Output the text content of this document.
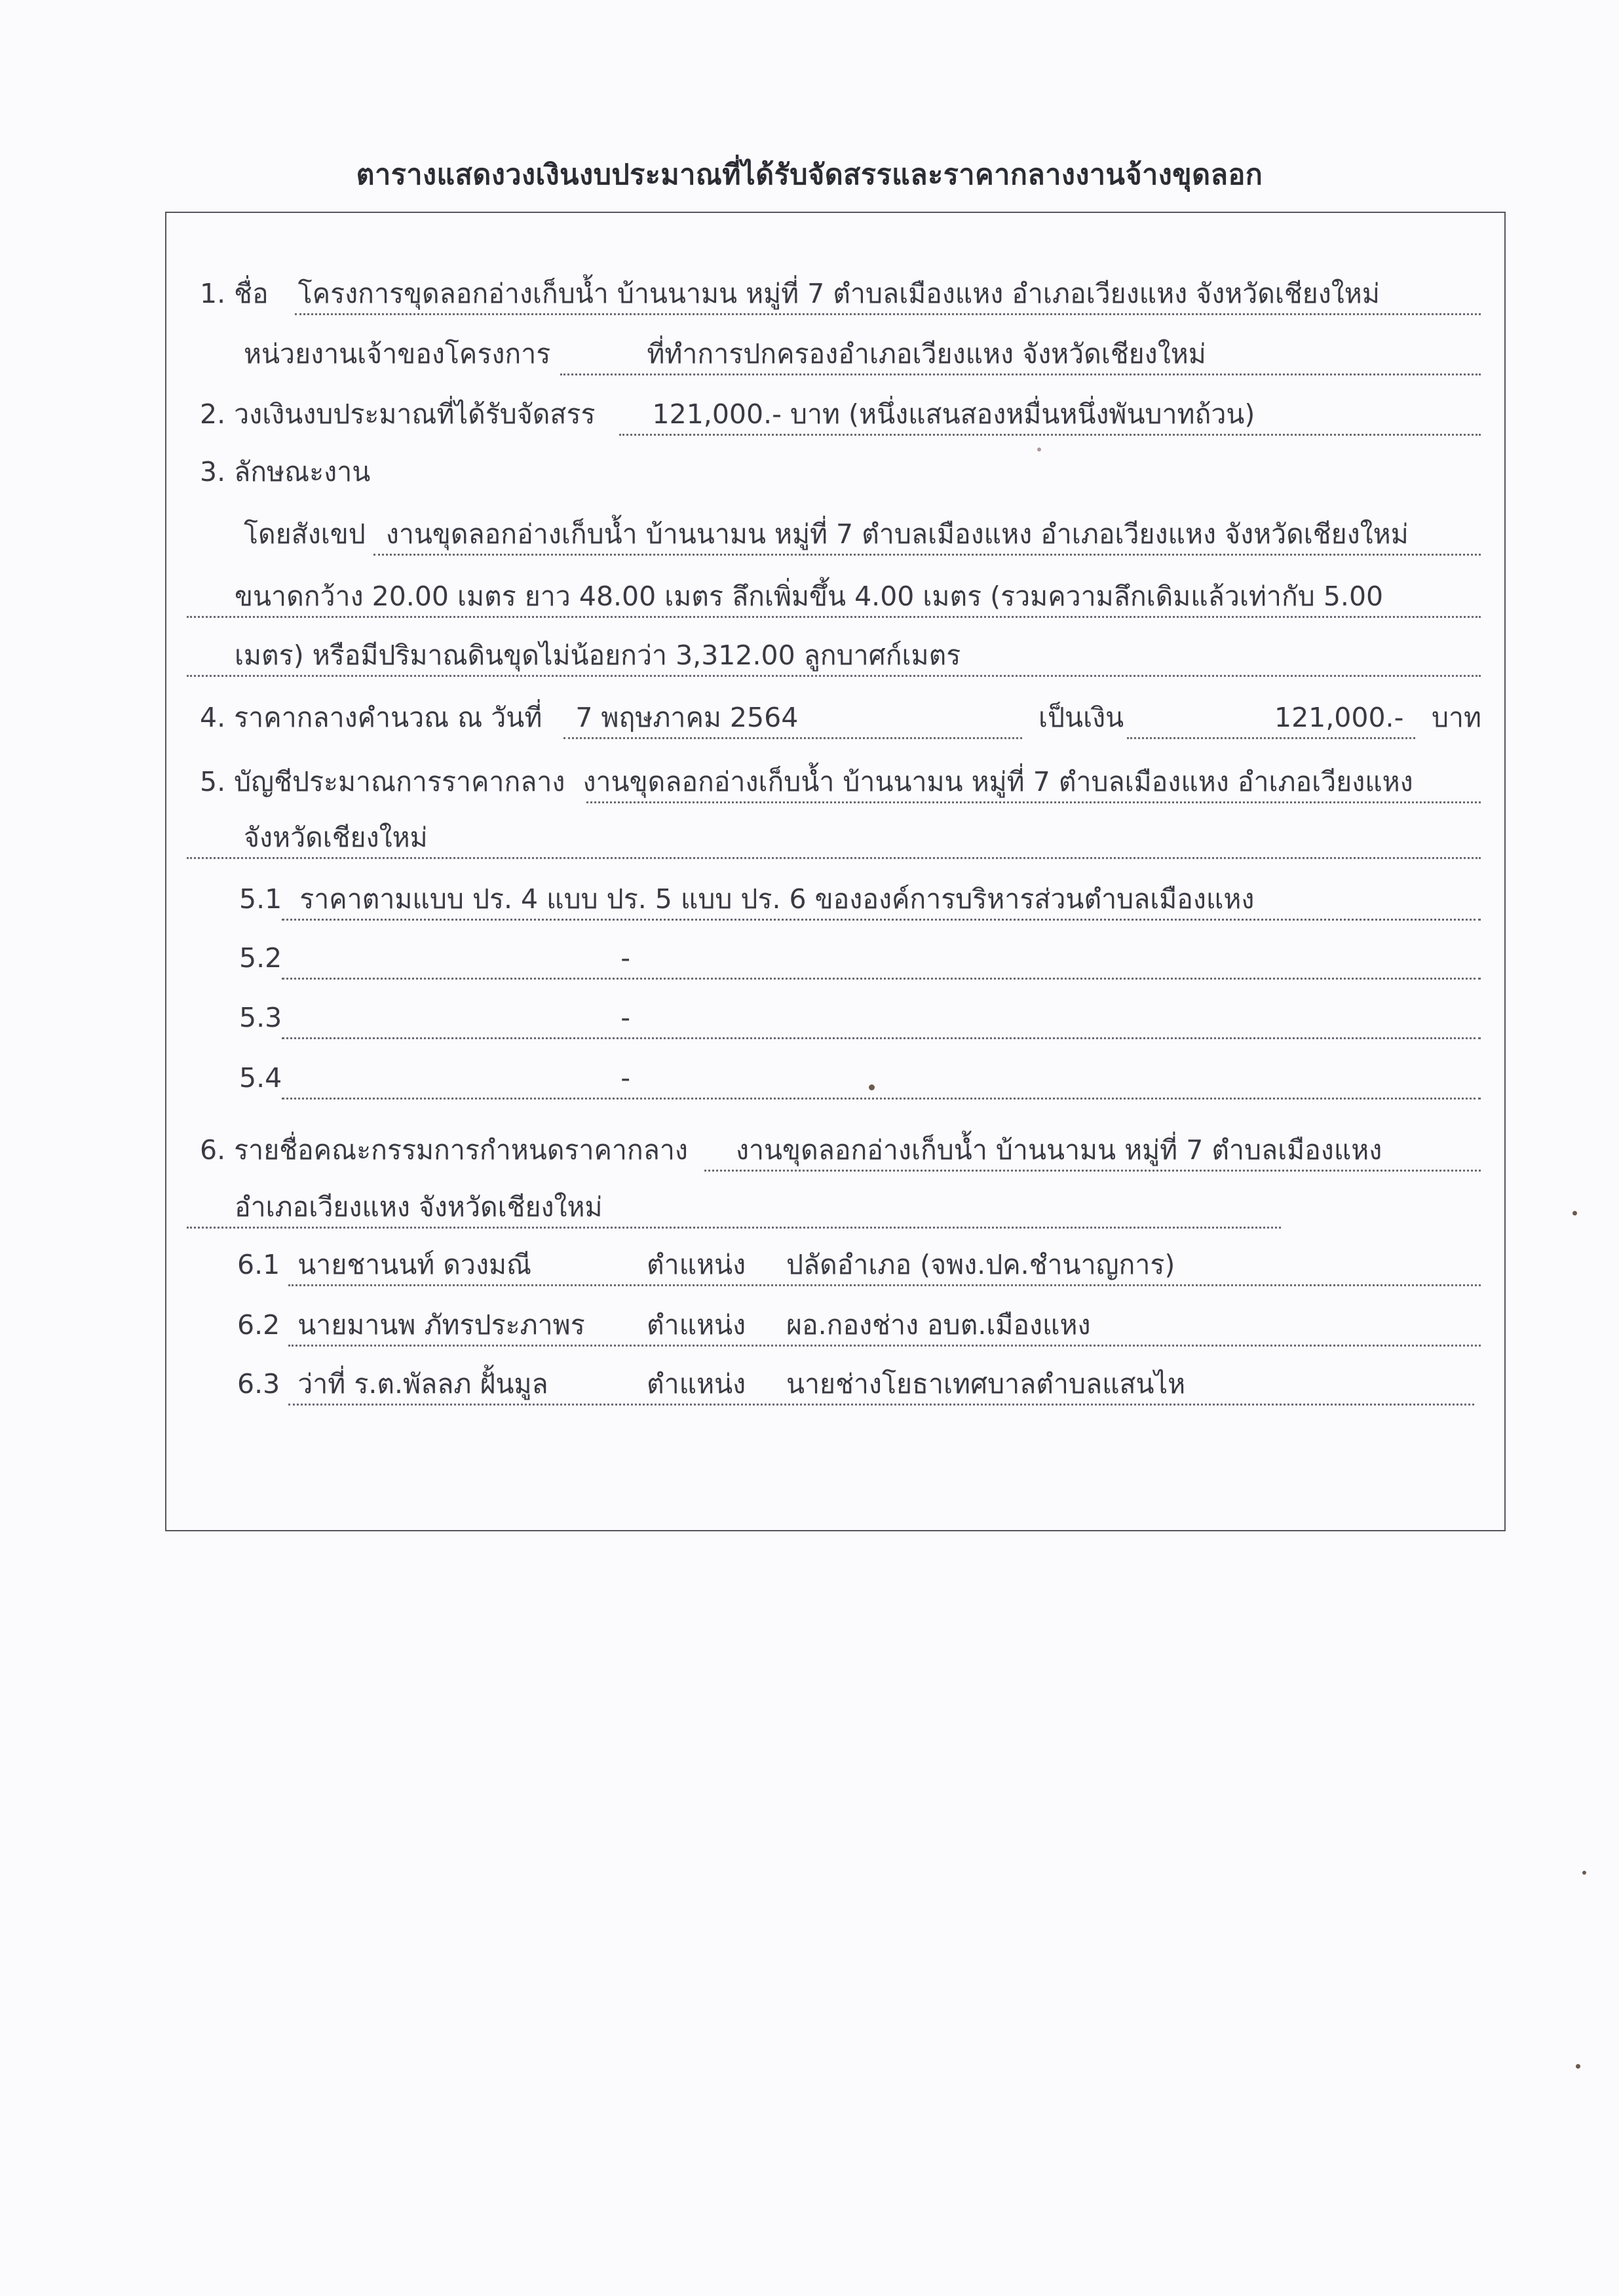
ตารางแสดงวงเงินงบประมาณที่ได้รับจัดสรรและราคากลางงานจ้างขุดลอก
1. ชื่อ โครงการขุดลอกอ่างเก็บน้ำ บ้านนามน หมู่ที่ 7 ตำบลเมืองแหง อำเภอเวียงแหง จังหวัดเชียงใหม่
หน่วยงานเจ้าของโครงการ	ที่ทำการปกครองอำเภอเวียงแหง จังหวัดเชียงใหม่
2. วงเงินงบประมาณที่ได้รับจัดสรร 121,000.- บาท (หนึ่งแสนสองหมื่นหนึ่งพันบาทถ้วน)
3. ลักษณะงาน
โดยสังเขป งานขุดลอกอ่างเก็บน้ำ บ้านนามน หมู่ที่ 7 ตำบลเมืองแหง อำเภอเวียงแหง จังหวัดเชียงใหม่
ขนาดกว้าง 20.00 เมตร ยาว 48.00 เมตร ลึกเพิ่มขึ้น 4.00 เมตร (รวมความลึกเดิมแล้วเท่ากับ 5.00
เมตร) หรือมีปริมาณดินขุดไม่น้อยกว่า 3,312.00 ลูกบาศก์เมตร
4. ราคากลางคำนวณ ณ วันที่ 7 พฤษภาคม 2564	เป็นเงิน	121,000.- บาท
5. บัญชีประมาณการราคากลาง งานขุดลอกอ่างเก็บน้ำ บ้านนามน หมู่ที่ 7 ตำบลเมืองแหง อำเภอเวียงแหง
จังหวัดเชียงใหม่
5.1 ราคาตามแบบ ปร. 4 แบบ ปร. 5 แบบ ปร. 6 ขององค์การบริหารส่วนตำบลเมืองแหง
5.2	-
5.3	-
5.4	-
6. รายชื่อคณะกรรมการกำหนดราคากลาง งานขุดลอกอ่างเก็บน้ำ บ้านนามน หมู่ที่ 7 ตำบลเมืองแหง
อำเภอเวียงแหง จังหวัดเชียงใหม่
6.1 นายชานนท์ ดวงมณี	ตำแหน่ง ปลัดอำเภอ (จพง.ปค.ชำนาญการ)
6.2 นายมานพ ภัทรประภาพร ตำแหน่ง ผอ.กองช่าง อบต.เมืองแหง
6.3 ว่าที่ ร.ต.พัลลภ ฝั้นมูล	ตำแหน่ง นายช่างโยธาเทศบาลตำบลแสนไห
